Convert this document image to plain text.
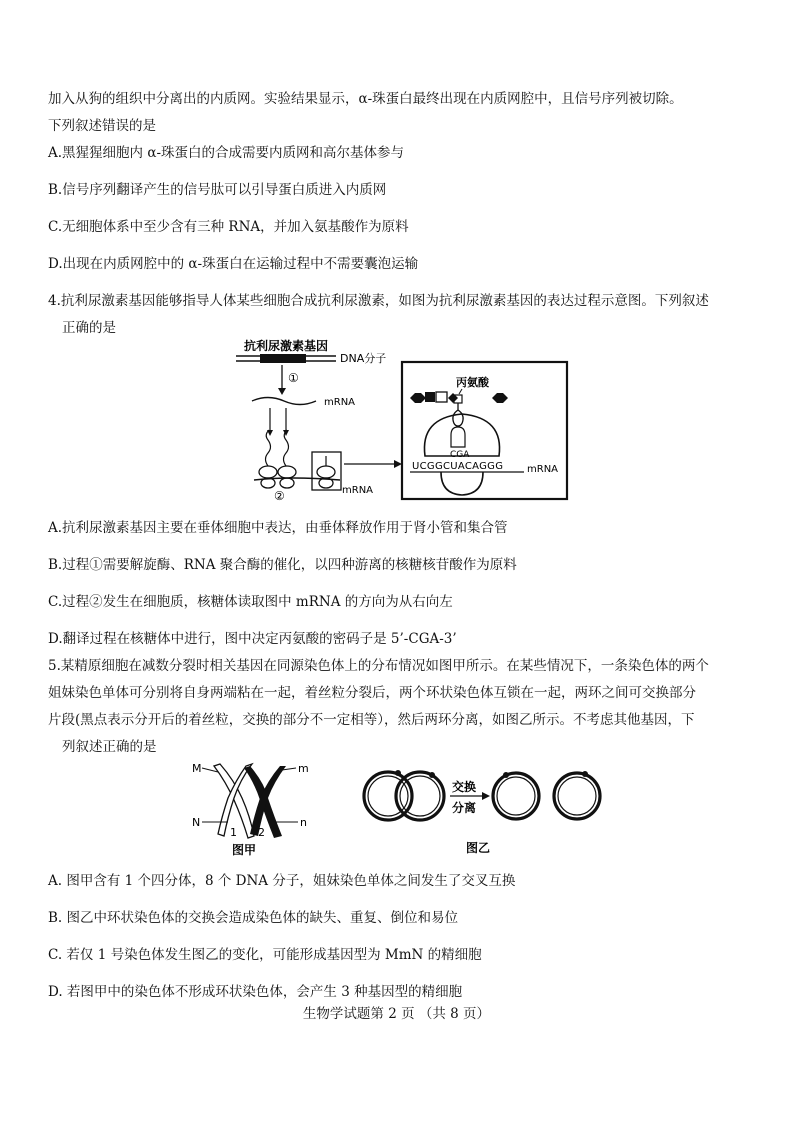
加入从狗的组织中分离出的内质网。实验结果显示，α-珠蛋白最终出现在内质网腔中，且信号序列被切除。
下列叙述错误的是
A.黑猩猩细胞内 α-珠蛋白的合成需要内质网和高尔基体参与
B.信号序列翻译产生的信号肽可以引导蛋白质进入内质网
C.无细胞体系中至少含有三种 RNA，并加入氨基酸作为原料
D.出现在内质网腔中的 α-珠蛋白在运输过程中不需要囊泡运输
4.抗利尿激素基因能够指导人体某些细胞合成抗利尿激素，如图为抗利尿激素基因的表达过程示意图。下列叙述
正确的是
抗利尿激素基因
DNA分子
①
mRNA
②	mRNA
丙氨酸
CGA
UCGGCUACAGGG mRNA
A.抗利尿激素基因主要在垂体细胞中表达，由垂体释放作用于肾小管和集合管
B.过程①需要解旋酶、RNA 聚合酶的催化，以四种游离的核糖核苷酸作为原料
C.过程②发生在细胞质，核糖体读取图中 mRNA 的方向为从右向左
D.翻译过程在核糖体中进行，图中决定丙氨酸的密码子是 5’-CGA-3’
5.某精原细胞在减数分裂时相关基因在同源染色体上的分布情况如图甲所示。在某些情况下，一条染色体的两个
姐妹染色单体可分别将自身两端粘在一起，着丝粒分裂后，两个环状染色体互锁在一起，两环之间可交换部分
片段(黑点表示分开后的着丝粒，交换的部分不一定相等），然后两环分离，如图乙所示。不考虑其他基因，下
列叙述正确的是
M
N
m
n
1 2
图甲
交换
分离
图乙
A. 图甲含有 1 个四分体，8 个 DNA 分子，姐妹染色单体之间发生了交叉互换
B. 图乙中环状染色体的交换会造成染色体的缺失、重复、倒位和易位
C. 若仅 1 号染色体发生图乙的变化，可能形成基因型为 MmN 的精细胞
D. 若图甲中的染色体不形成环状染色体，会产生 3 种基因型的精细胞
生物学试题第 2 页 （共 8 页）
